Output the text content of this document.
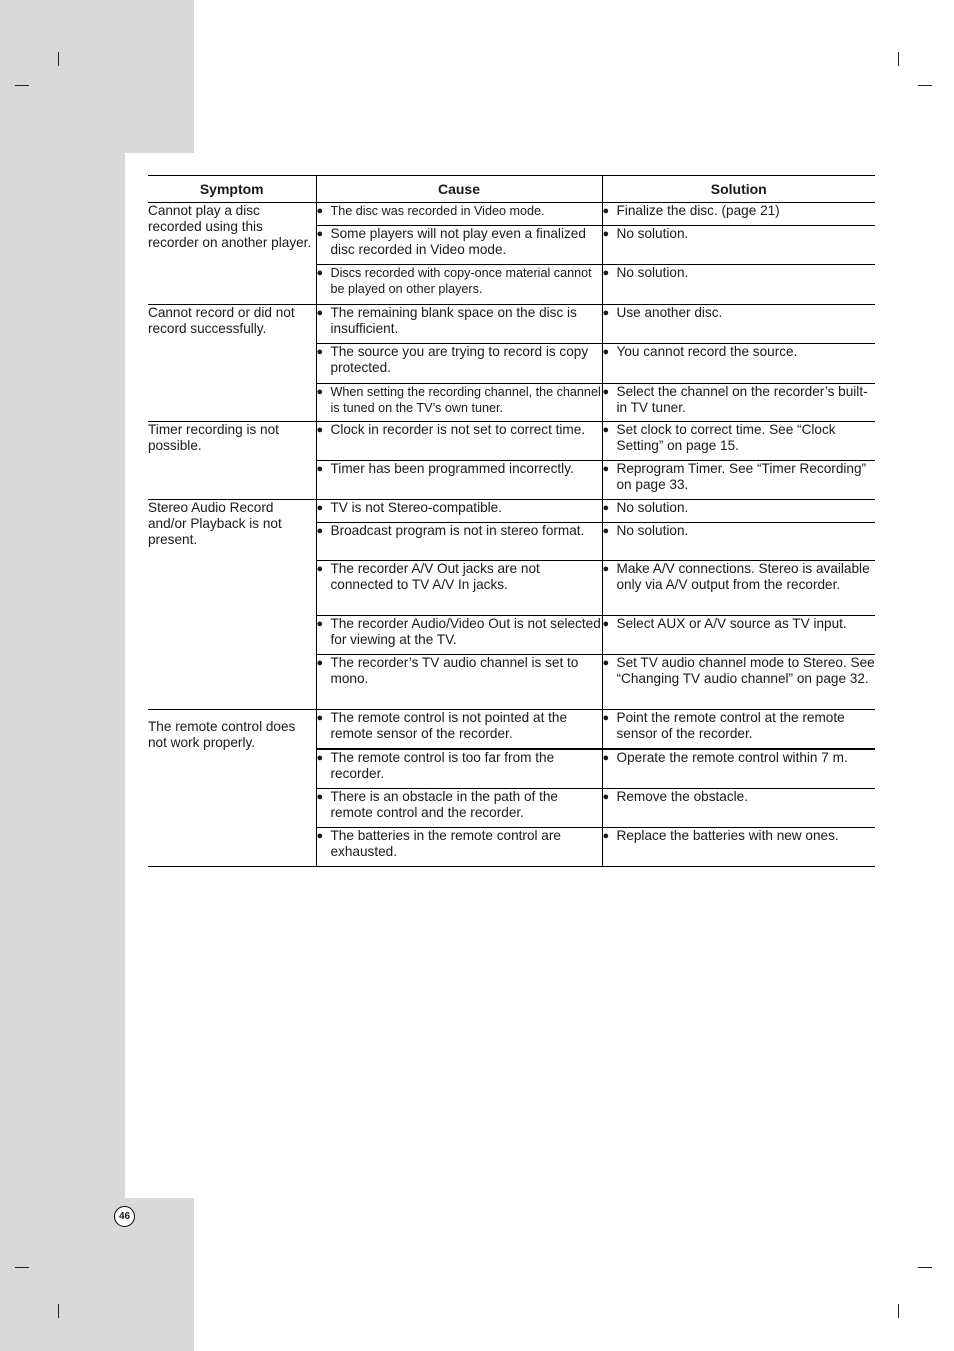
Symptom	Cause	Solution
Cannot play a disc recorded using this recorder on another player.	● The disc was recorded in Video mode.	● Finalize the disc. (page 21)

	● Some players will not play even a finalized disc recorded in Video mode.	● No solution.

	● Discs recorded with copy-once material cannot be played on other players.	● No solution.

Cannot record or did not record successfully.	● The remaining blank space on the disc is insufficient.	● Use another disc.

	● The source you are trying to record is copy protected.	● You cannot record the source.

	● When setting the recording channel, the channel is tuned on the TV’s own tuner.	● Select the channel on the recorder’s built-in TV tuner.

Timer recording is not possible.	● Clock in recorder is not set to correct time.	● Set clock to correct time. See “Clock Setting” on page 15.

	● Timer has been programmed incorrectly.	● Reprogram Timer. See “Timer Recording” on page 33.

Stereo Audio Record and/or Playback is not present.	● TV is not Stereo-compatible.	● No solution.

	● Broadcast program is not in stereo format.	● No solution.

	● The recorder A/V Out jacks are not connected to TV A/V In jacks.	● Make A/V connections. Stereo is available only via A/V output from the recorder.

	● The recorder Audio/Video Out is not selected for viewing at the TV.	● Select AUX or A/V source as TV input.

	● The recorder’s TV audio channel is set to mono.	● Set TV audio channel mode to Stereo. See “Changing TV audio channel” on page 32.

The remote control does not work properly.	● The remote control is not pointed at the remote sensor of the recorder.	● Point the remote control at the remote sensor of the recorder.

	● The remote control is too far from the recorder.	● Operate the remote control within 7 m.

	● There is an obstacle in the path of the remote control and the recorder.	● Remove the obstacle.

	● The batteries in the remote control are exhausted.	● Replace the batteries with new ones.
46
